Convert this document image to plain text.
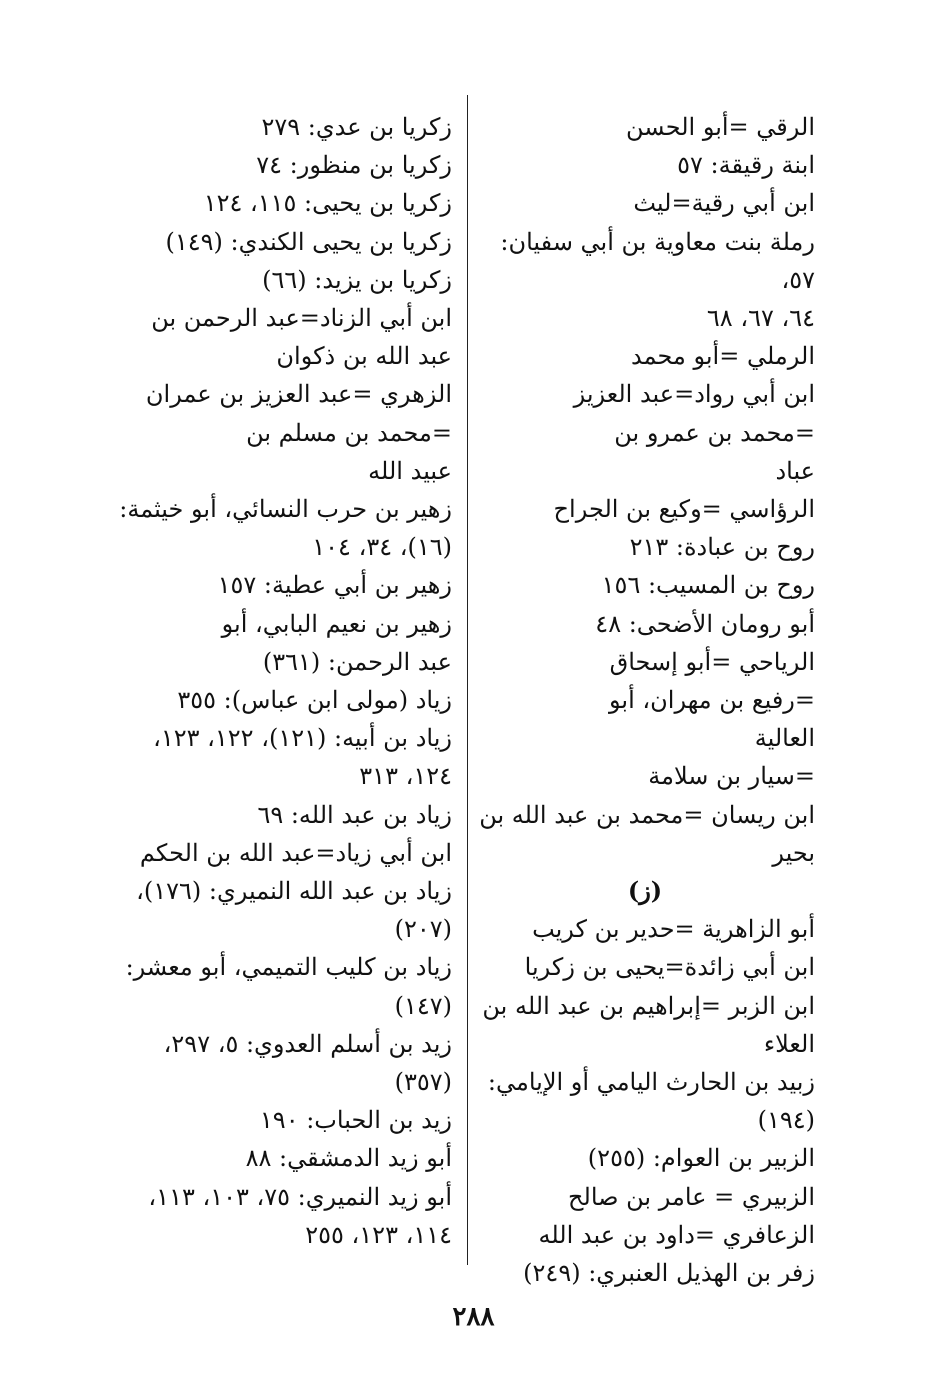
الرقي =أبو الحسن
ابنة رقيقة: ٥٧
ابن أبي رقية=ليث
رملة بنت معاوية بن أبي سفيان: ٥٧،
٦٤، ٦٧، ٦٨
الرملي =أبو محمد
ابن أبي رواد=عبد العزيز
=محمد بن عمرو بن
عباد
الرؤاسي =وكيع بن الجراح
روح بن عبادة: ٢١٣
روح بن المسيب: ١٥٦
أبو رومان الأضحى: ٤٨
الرياحي =أبو إسحاق
=رفيع بن مهران، أبو
العالية
=سيار بن سلامة
ابن ريسان =محمد بن عبد الله بن
بحير
(ز)
أبو الزاهرية =حدير بن كريب
ابن أبي زائدة=يحيى بن زكريا
ابن الزبر =إبراهيم بن عبد الله بن
العلاء
زبيد بن الحارث اليامي أو الإيامي:
(١٩٤)
الزبير بن العوام: (٢٥٥)
الزبيري = عامر بن صالح
الزعافري =داود بن عبد الله
زفر بن الهذيل العنبري: (٢٤٩)
زكريا بن عدي: ٢٧٩
زكريا بن منظور: ٧٤
زكريا بن يحيى: ١١٥، ١٢٤
زكريا بن يحيى الكندي: (١٤٩)
زكريا بن يزيد: (٦٦)
ابن أبي الزناد=عبد الرحمن بن
عبد الله بن ذكوان
الزهري =عبد العزيز بن عمران
=محمد بن مسلم بن
عبيد الله
زهير بن حرب النسائي، أبو خيثمة:
(١٦)، ٣٤، ١٠٤
زهير بن أبي عطية: ١٥٧
زهير بن نعيم البابي، أبو
عبد الرحمن: (٣٦١)
زياد (مولى ابن عباس): ٣٥٥
زياد بن أبيه: (١٢١)، ١٢٢، ١٢٣،
١٢٤، ٣١٣
زياد بن عبد الله: ٦٩
ابن أبي زياد=عبد الله بن الحكم
زياد بن عبد الله النميري: (١٧٦)،
(٢٠٧)
زياد بن كليب التميمي، أبو معشر:
(١٤٧)
زيد بن أسلم العدوي: ٥، ٢٩٧،
(٣٥٧)
زيد بن الحباب: ١٩٠
أبو زيد الدمشقي: ٨٨
أبو زيد النميري: ٧٥، ١٠٣، ١١٣،
١١٤، ١٢٣، ٢٥٥
٢٨٨
